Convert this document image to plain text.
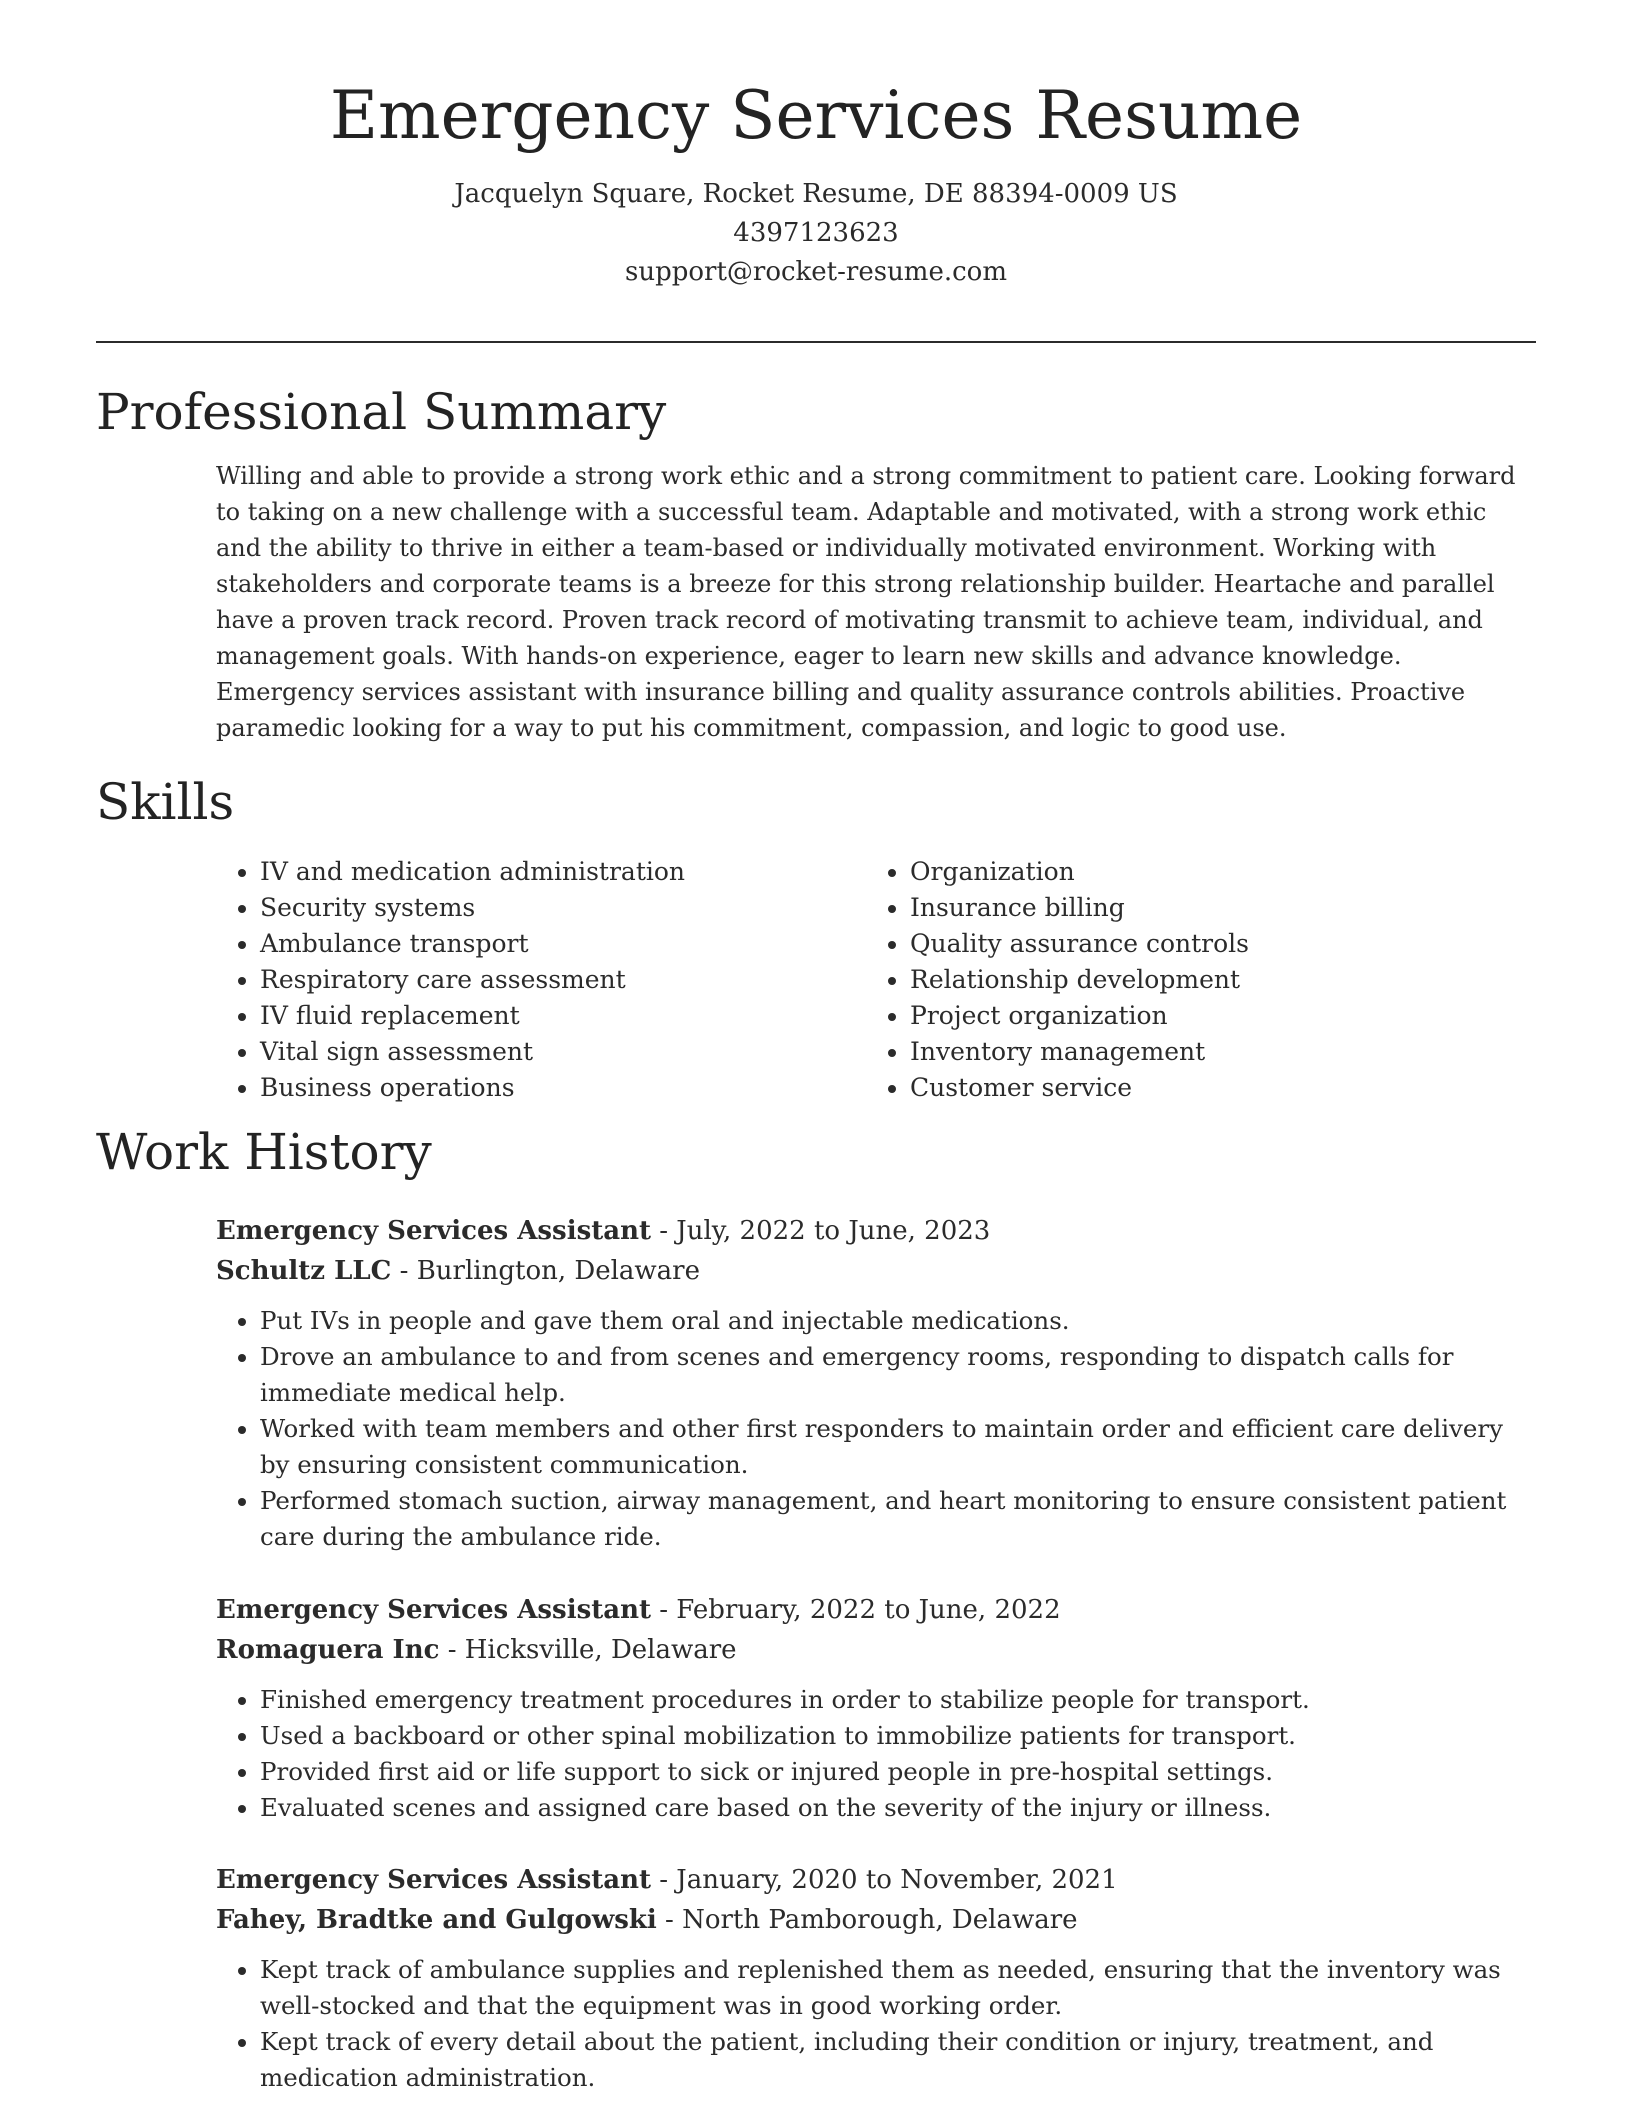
Emergency Services Resume
Jacquelyn Square, Rocket Resume, DE 88394-0009 US
4397123623
support@rocket-resume.com
Professional Summary

Willing and able to provide a strong work ethic and a strong commitment to patient care. Looking forward to taking on a new challenge with a successful team. Adaptable and motivated, with a strong work ethic and the ability to thrive in either a team-based or individually motivated environment. Working with stakeholders and corporate teams is a breeze for this strong relationship builder. Heartache and parallel have a proven track record. Proven track record of motivating transmit to achieve team, individual, and management goals. With hands-on experience, eager to learn new skills and advance knowledge. Emergency services assistant with insurance billing and quality assurance controls abilities. Proactive paramedic looking for a way to put his commitment, compassion, and logic to good use.

Skills
• IV and medication administration
• Security systems
• Ambulance transport
• Respiratory care assessment
• IV fluid replacement
• Vital sign assessment
• Business operations
• Organization
• Insurance billing
• Quality assurance controls
• Relationship development
• Project organization
• Inventory management
• Customer service
Work History
Emergency Services Assistant - July, 2022 to June, 2023
Schultz LLC - Burlington, Delaware
• Put IVs in people and gave them oral and injectable medications.
• Drove an ambulance to and from scenes and emergency rooms, responding to dispatch calls for immediate medical help.
• Worked with team members and other first responders to maintain order and efficient care delivery by ensuring consistent communication.
• Performed stomach suction, airway management, and heart monitoring to ensure consistent patient care during the ambulance ride.
Emergency Services Assistant - February, 2022 to June, 2022
Romaguera Inc - Hicksville, Delaware
• Finished emergency treatment procedures in order to stabilize people for transport.
• Used a backboard or other spinal mobilization to immobilize patients for transport.
• Provided first aid or life support to sick or injured people in pre-hospital settings.
• Evaluated scenes and assigned care based on the severity of the injury or illness.
Emergency Services Assistant - January, 2020 to November, 2021
Fahey, Bradtke and Gulgowski - North Pamborough, Delaware
• Kept track of ambulance supplies and replenished them as needed, ensuring that the inventory was well-stocked and that the equipment was in good working order.
• Kept track of every detail about the patient, including their condition or injury, treatment, and medication administration.
